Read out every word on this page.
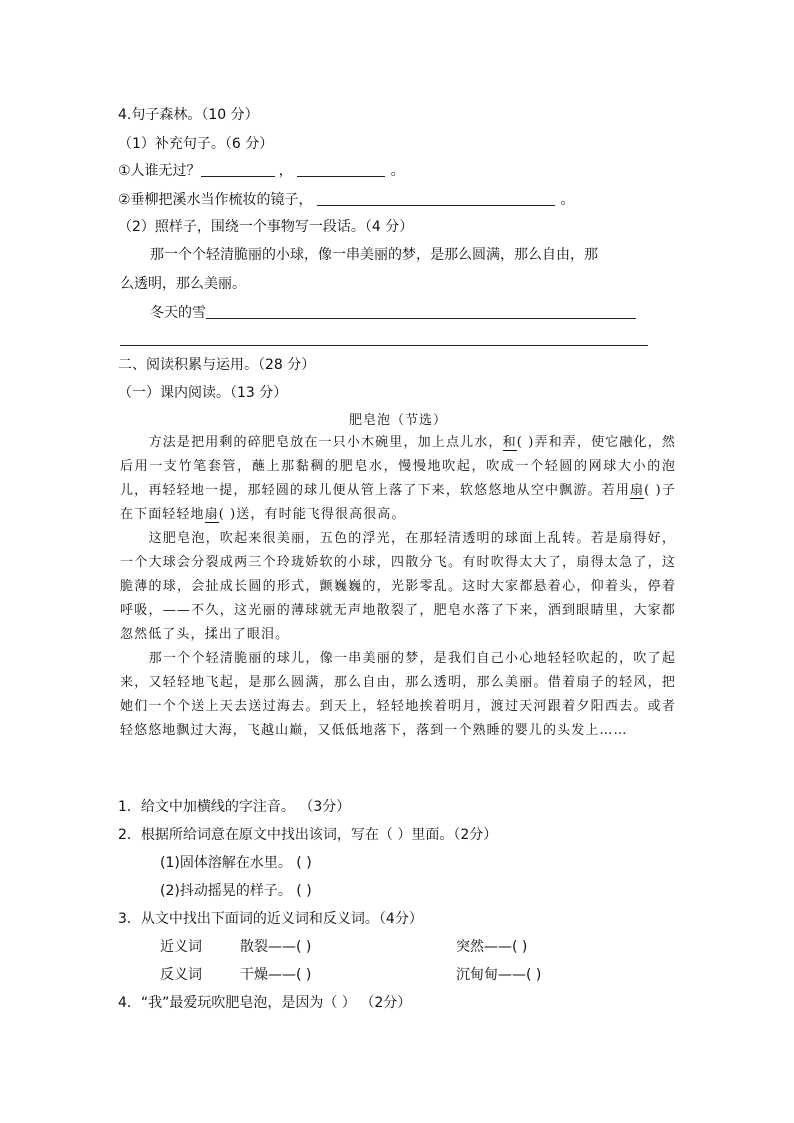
4.句子森林。（10 分）
（1）补充句子。（6 分）
①人谁无过？	，	。
②垂柳把溪水当作梳妆的镜子，	。
（2）照样子，围绕一个事物写一段话。（4 分）
那一个个轻清脆丽的小球，像一串美丽的梦，是那么圆满，那么自由，那
么透明，那么美丽。
冬天的雪
二、阅读积累与运用。（28 分）
（一）课内阅读。（13 分）
肥皂泡（节选）

方法是把用剩的碎肥皂放在一只小木碗里，加上点儿水，和( )弄和弄，使它融化，然后用一支竹笔套管，蘸上那黏稠的肥皂水，慢慢地吹起，吹成一个轻圆的网球大小的泡儿，再轻轻地一提，那轻圆的球儿便从管上落了下来，软悠悠地从空中飘游。若用扇( )子在下面轻轻地扇( )送，有时能飞得很高很高。

这肥皂泡，吹起来很美丽，五色的浮光，在那轻清透明的球面上乱转。若是扇得好，一个大球会分裂成两三个玲珑娇软的小球，四散分飞。有时吹得太大了，扇得太急了，这脆薄的球，会扯成长圆的形式，颤巍巍的，光影零乱。这时大家都悬着心，仰着头，停着呼吸，——不久，这光丽的薄球就无声地散裂了，肥皂水落了下来，洒到眼睛里，大家都忽然低了头，揉出了眼泪。

那一个个轻清脆丽的球儿，像一串美丽的梦，是我们自己小心地轻轻吹起的，吹了起来，又轻轻地飞起，是那么圆满，那么自由，那么透明，那么美丽。借着扇子的轻风，把她们一个个送上天去送过海去。到天上，轻轻地挨着明月，渡过天河跟着夕阳西去。或者轻悠悠地飘过大海，飞越山巅，又低低地落下，落到一个熟睡的婴儿的头发上……

1．给文中加横线的字注音。 （3分）
2．根据所给词意在原文中找出该词，写在（ ）里面。（2分）
(1)固体溶解在水里。 ( )
(2)抖动摇晃的样子。 ( )
3．从文中找出下面词的近义词和反义词。（4分）
近义词	散裂——( )	突然——( )
反义词	干燥——( )	沉甸甸——( )
4．“我”最爱玩吹肥皂泡，是因为（ ） （2分）
